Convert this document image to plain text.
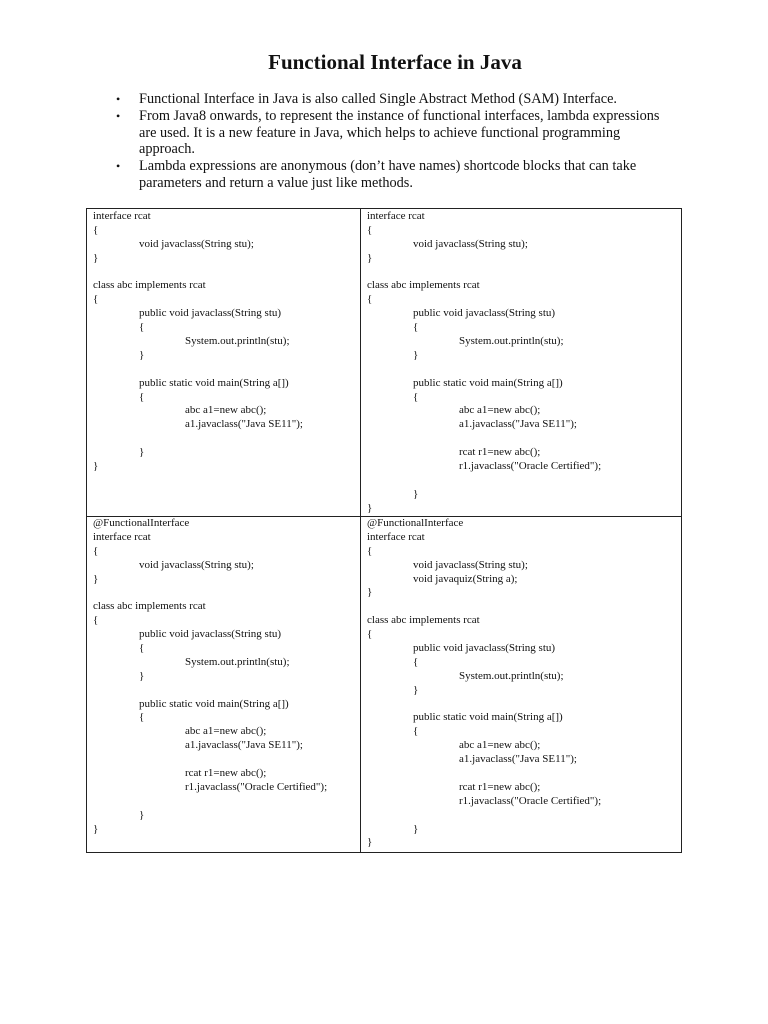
Functional Interface in Java
• Functional Interface in Java is also called Single Abstract Method (SAM) Interface.
• From Java8 onwards, to represent the instance of functional interfaces, lambda expressions are used. It is a new feature in Java, which helps to achieve functional programming approach.
• Lambda expressions are anonymous (don’t have names) shortcode blocks that can take parameters and return a value just like methods.
interface rcat
{
void javaclass(String stu);
}
class abc implements rcat
{
public void javaclass(String stu)
{
System.out.println(stu);
}
public static void main(String a[])
{
abc a1=new abc();
a1.javaclass("Java SE11");
}
}
interface rcat
{
void javaclass(String stu);
}
class abc implements rcat
{
public void javaclass(String stu)
{
System.out.println(stu);
}
public static void main(String a[])
{
abc a1=new abc();
a1.javaclass("Java SE11");
rcat r1=new abc();
r1.javaclass("Oracle Certified");
}
}
@FunctionalInterface
interface rcat
{
void javaclass(String stu);
}
class abc implements rcat
{
public void javaclass(String stu)
{
System.out.println(stu);
}
public static void main(String a[])
{
abc a1=new abc();
a1.javaclass("Java SE11");
rcat r1=new abc();
r1.javaclass("Oracle Certified");
}
}
@FunctionalInterface
interface rcat
{
void javaclass(String stu);
void javaquiz(String a);
}
class abc implements rcat
{
public void javaclass(String stu)
{
System.out.println(stu);
}
public static void main(String a[])
{
abc a1=new abc();
a1.javaclass("Java SE11");
rcat r1=new abc();
r1.javaclass("Oracle Certified");
}
}
